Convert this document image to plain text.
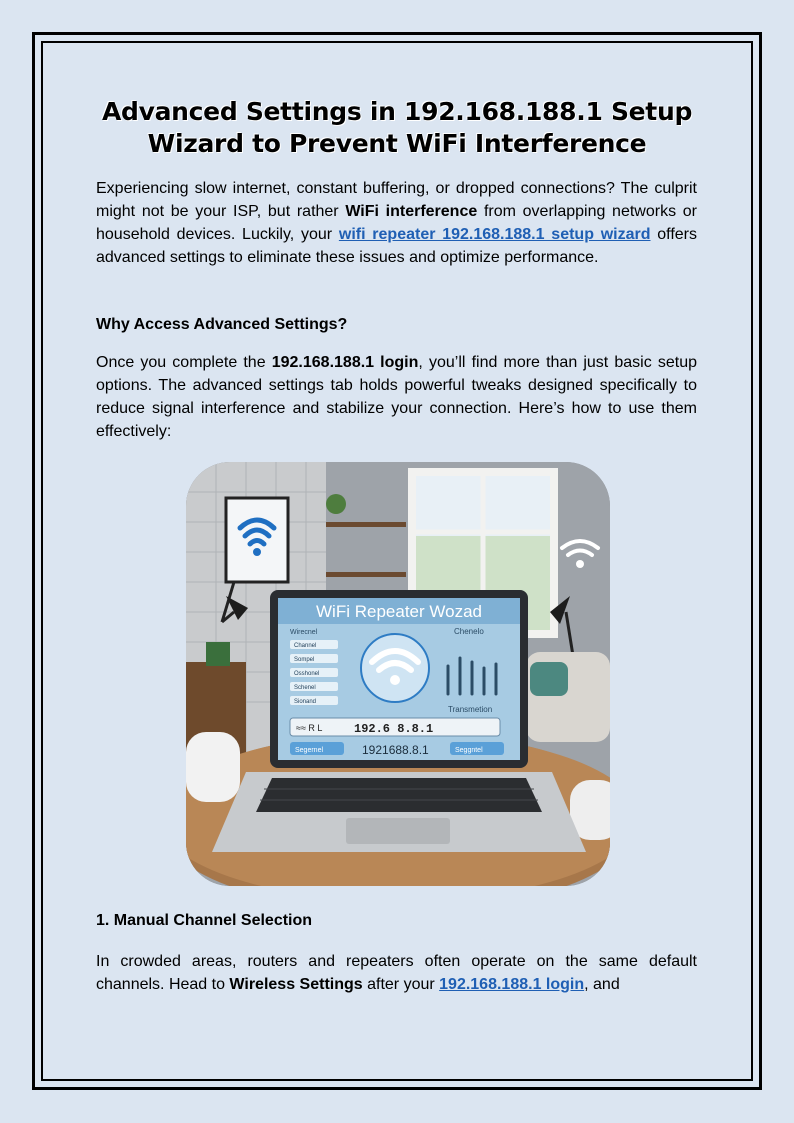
Advanced Settings in 192.168.188.1 Setup
Wizard to Prevent WiFi Interference

Experiencing slow internet, constant buffering, or dropped connections? The culprit might not be your ISP, but rather WiFi interference from overlapping networks or household devices. Luckily, your wifi repeater 192.168.188.1 setup wizard offers advanced settings to eliminate these issues and optimize performance.

Why Access Advanced Settings?

Once you complete the 192.168.188.1 login, you’ll find more than just basic setup options. The advanced settings tab holds powerful tweaks designed specifically to reduce signal interference and stabilize your connection. Here’s how to use them effectively:

WiFi Repeater Wozad
Wirecnel	Chenelo
Channel
Sompel
Osshonel
Schenel
Sionand
Transmetion
≈≈ R L	192.6 8.8.1
Segernel	1921688.8.1	Seggntel

1. Manual Channel Selection

In crowded areas, routers and repeaters often operate on the same default channels. Head to Wireless Settings after your 192.168.188.1 login, and
